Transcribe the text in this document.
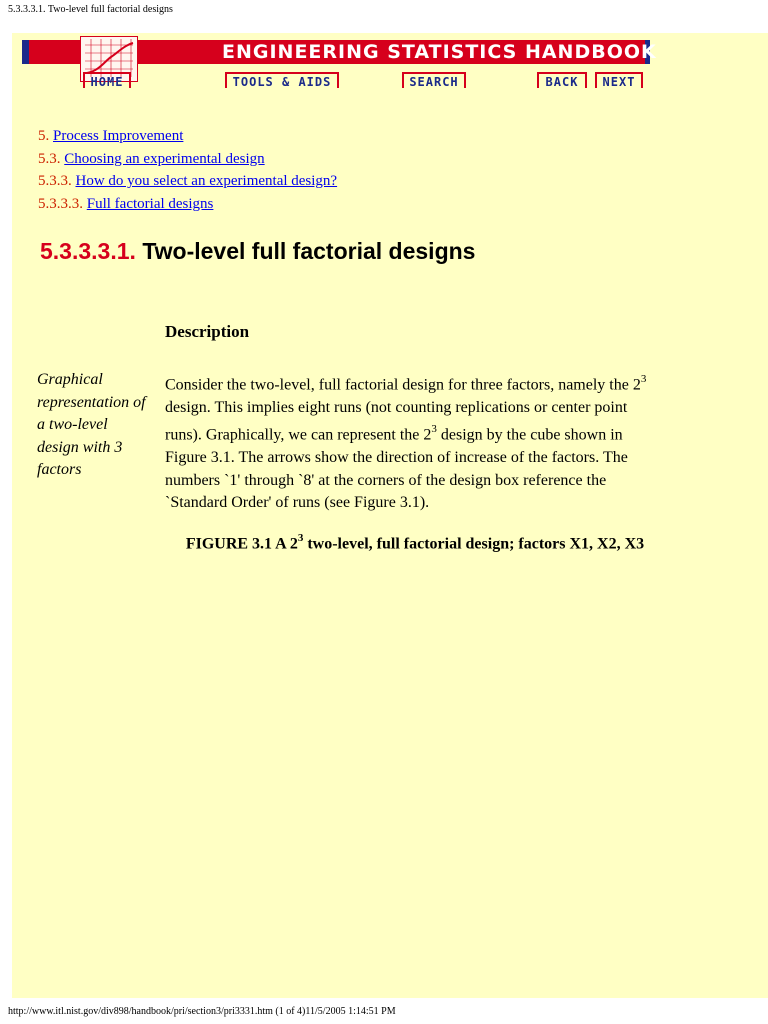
5.3.3.3.1. Two-level full factorial designs
ENGINEERING STATISTICS HANDBOOK
HOME	TOOLS & AIDS	SEARCH	BACK	NEXT
5. Process Improvement
5.3. Choosing an experimental design
5.3.3. How do you select an experimental design?
5.3.3.3. Full factorial designs
5.3.3.3.1. Two-level full factorial designs
Description
Graphical representation of a two-level design with 3 factors
Consider the two-level, full factorial design for three factors, namely the $2^3$ design. This implies eight runs (not counting replications or center point runs). Graphically, we can represent the $2^3$ design by the cube shown in Figure 3.1. The arrows show the direction of increase of the factors. The numbers `1' through `8' at the corners of the design box reference the `Standard Order' of runs (see Figure 3.1).
FIGURE 3.1 A $2^3$ two-level, full factorial design; factors X1, X2, X3
http://www.itl.nist.gov/div898/handbook/pri/section3/pri3331.htm (1 of 4)11/5/2005 1:14:51 PM
